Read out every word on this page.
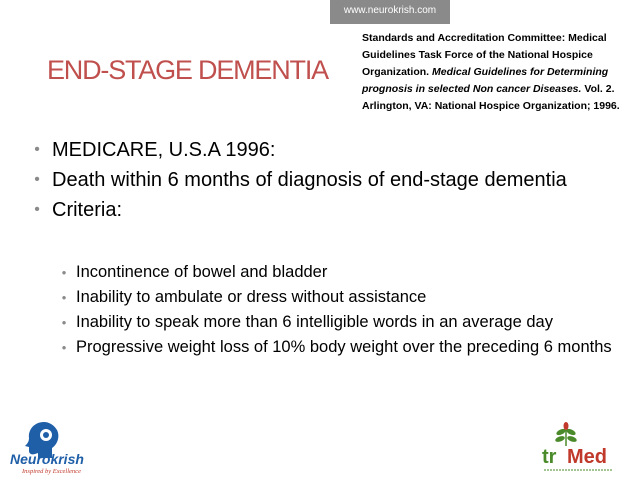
www.neurokrish.com
END-STAGE DEMENTIA
Standards and Accreditation Committee: Medical Guidelines Task Force of the National Hospice Organization. Medical Guidelines for Determining prognosis in selected Non cancer Diseases. Vol. 2. Arlington, VA: National Hospice Organization; 1996.
• MEDICARE, U.S.A 1996:
• Death within 6 months of diagnosis of end-stage dementia
• Criteria:
• Incontinence of bowel and bladder
• Inability to ambulate or dress without assistance
• Inability to speak more than 6 intelligible words in an average day
• Progressive weight loss of 10% body weight over the preceding 6 months
Neurokrish
Inspired by Excellence
tr Med
